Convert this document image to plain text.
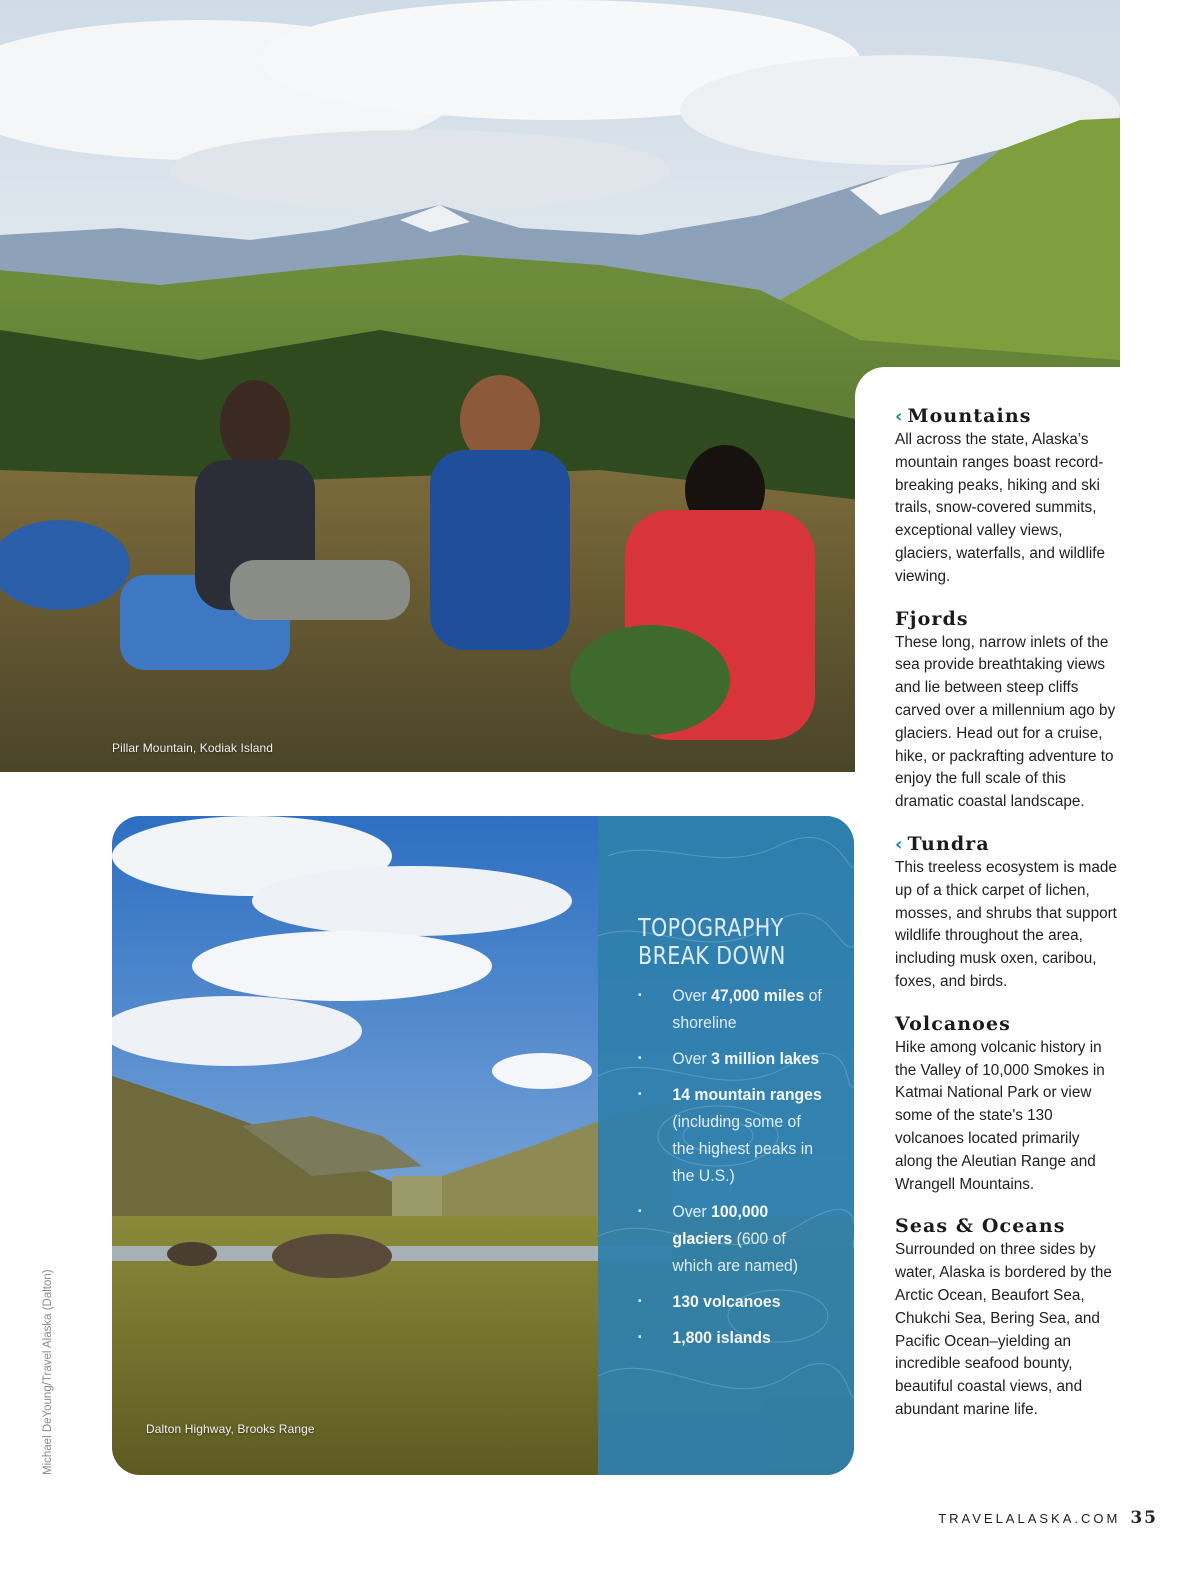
Pillar Mountain, Kodiak Island
‹ Mountains

All across the state, Alaska’s mountain ranges boast record-breaking peaks, hiking and ski trails, snow-covered summits, exceptional valley views, glaciers, waterfalls, and wildlife viewing.

Fjords

These long, narrow inlets of the sea provide breathtaking views and lie between steep cliffs carved over a millennium ago by glaciers. Head out for a cruise, hike, or packrafting adventure to enjoy the full scale of this dramatic coastal landscape.

‹ Tundra

This treeless ecosystem is made up of a thick carpet of lichen, mosses, and shrubs that support wildlife throughout the area, including musk oxen, caribou, foxes, and birds.

Volcanoes

Hike among volcanic history in the Valley of 10,000 Smokes in Katmai National Park or view some of the state's 130 volcanoes located primarily along the Aleutian Range and Wrangell Mountains.

Seas & Oceans

Surrounded on three sides by water, Alaska is bordered by the Arctic Ocean, Beaufort Sea, Chukchi Sea, Bering Sea, and Pacific Ocean–yielding an incredible seafood bounty, beautiful coastal views, and abundant marine life.

Dalton Highway, Brooks Range
TOPOGRAPHY
BREAK DOWN
▪ Over 47,000 miles of shoreline
▪ Over 3 million lakes
▪ 14 mountain ranges (including some of the highest peaks in the U.S.)
▪ Over 100,000 glaciers (600 of which are named)
▪ 130 volcanoes
▪ 1,800 islands
Michael DeYoung/Travel Alaska (Dalton)
TRAVELALASKA.COM 35
